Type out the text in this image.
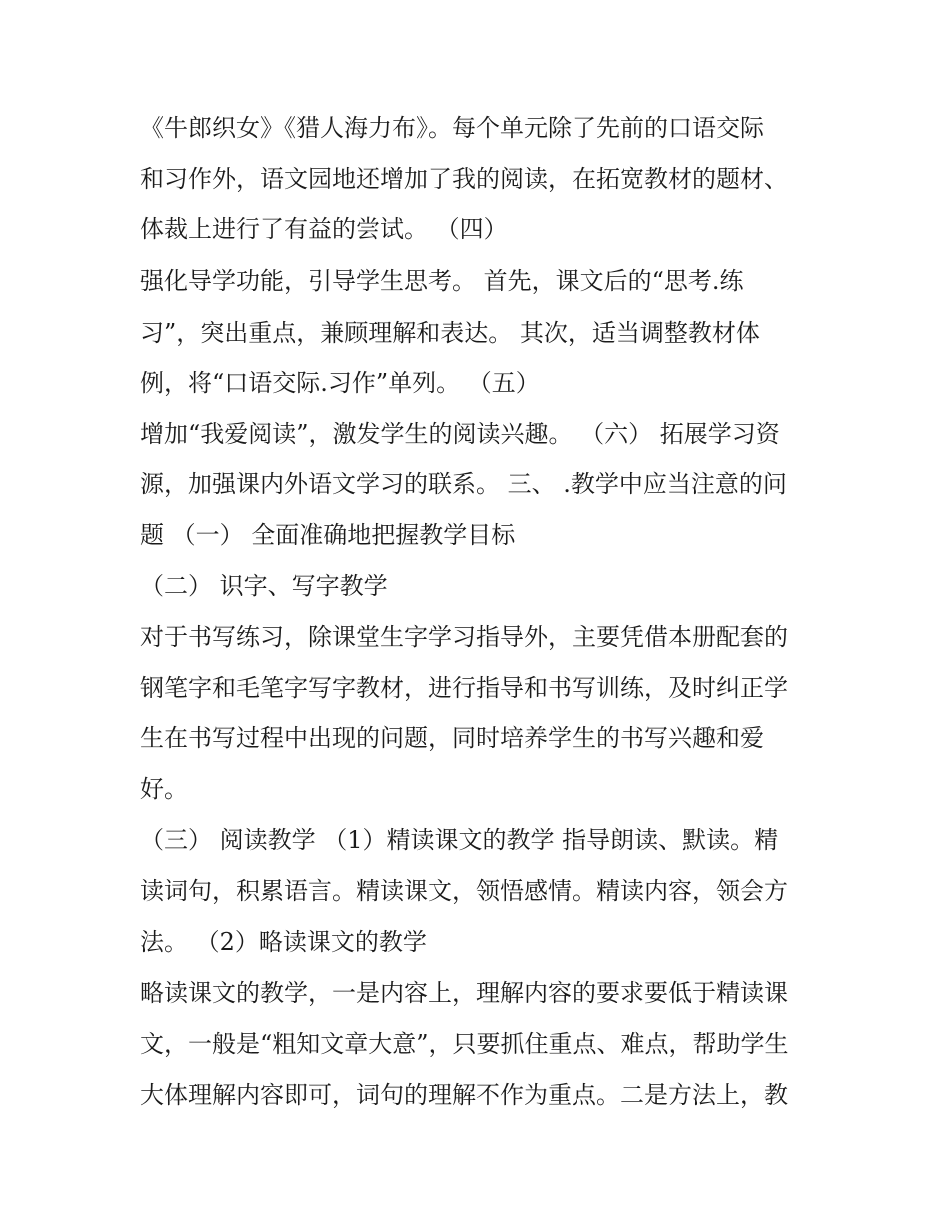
《牛郎织女》《猎人海力布》。每个单元除了先前的口语交际
和习作外，语文园地还增加了我的阅读，在拓宽教材的题材、
体裁上进行了有益的尝试。 （四）
强化导学功能，引导学生思考。 首先，课文后的“思考.练
习”，突出重点，兼顾理解和表达。 其次，适当调整教材体
例，将“口语交际.习作”单列。 （五）
增加“我爱阅读”，激发学生的阅读兴趣。 （六） 拓展学习资
源，加强课内外语文学习的联系。 三、 .教学中应当注意的问
题 （一） 全面准确地把握教学目标
（二） 识字、写字教学
对于书写练习，除课堂生字学习指导外，主要凭借本册配套的
钢笔字和毛笔字写字教材，进行指导和书写训练，及时纠正学
生在书写过程中出现的问题，同时培养学生的书写兴趣和爱
好。
（三） 阅读教学 （1）精读课文的教学 指导朗读、默读。精
读词句，积累语言。精读课文，领悟感情。精读内容，领会方
法。 （2）略读课文的教学
略读课文的教学，一是内容上，理解内容的要求要低于精读课
文，一般是“粗知文章大意”，只要抓住重点、难点，帮助学生
大体理解内容即可，词句的理解不作为重点。二是方法上，教
